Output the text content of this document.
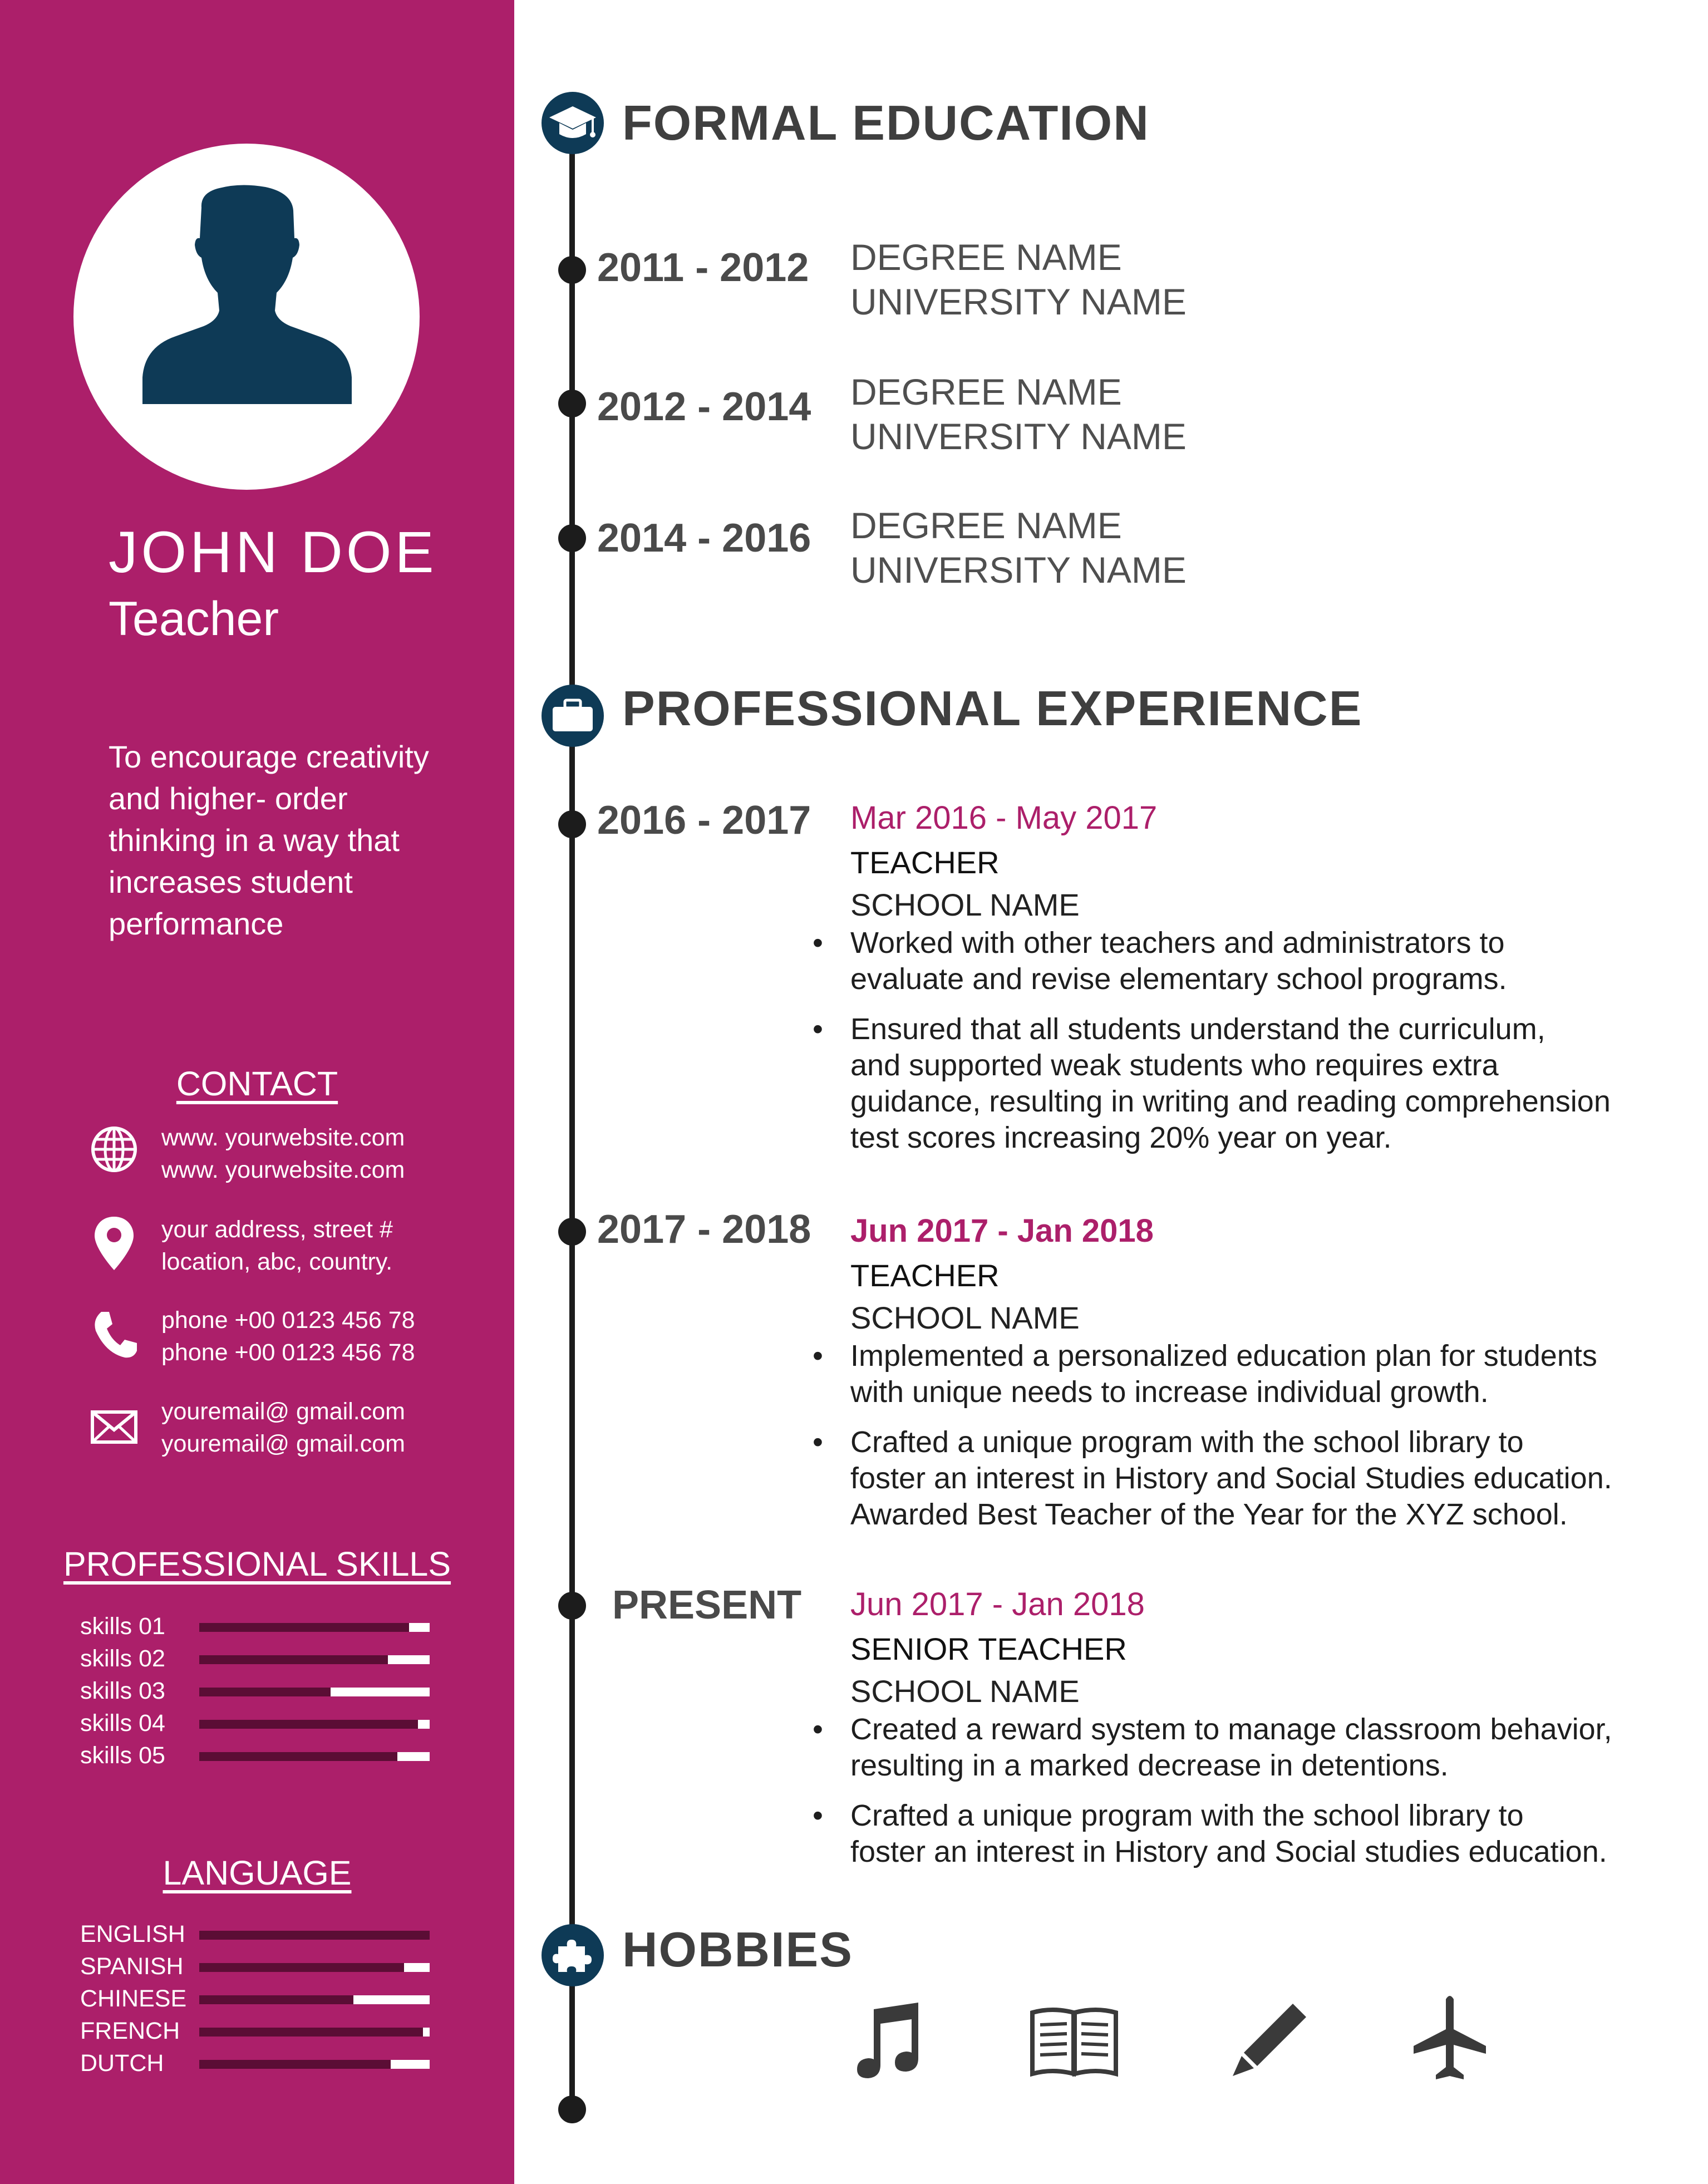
JOHN DOE
Teacher
To encourage creativity
and higher- order
thinking in a way that
increases student
performance
CONTACT
www. yourwebsite.com
www. yourwebsite.com
your address, street #
location, abc, country.
phone +00 0123 456 78
phone +00 0123 456 78
youremail@ gmail.com
youremail@ gmail.com
PROFESSIONAL SKILLS
skills 01
skills 02
skills 03
skills 04
skills 05
LANGUAGE
ENGLISH
SPANISH
CHINESE
FRENCH
DUTCH
FORMAL EDUCATION
2011 - 2012 DEGREE NAME
UNIVERSITY NAME
2012 - 2014 DEGREE NAME
UNIVERSITY NAME
2014 - 2016 DEGREE NAME
UNIVERSITY NAME
PROFESSIONAL EXPERIENCE
2016 - 2017 Mar 2016 - May 2017
TEACHER
SCHOOL NAME
• Worked with other teachers and administrators to
evaluate and revise elementary school programs.
• Ensured that all students understand the curriculum,
and supported weak students who requires extra
guidance, resulting in writing and reading comprehension
test scores increasing 20% year on year.
2017 - 2018 Jun 2017 - Jan 2018
TEACHER
SCHOOL NAME
• Implemented a personalized education plan for students
with unique needs to increase individual growth.
• Crafted a unique program with the school library to
foster an interest in History and Social Studies education.
Awarded Best Teacher of the Year for the XYZ school.
PRESENT	Jun 2017 - Jan 2018
SENIOR TEACHER
SCHOOL NAME
• Created a reward system to manage classroom behavior,
resulting in a marked decrease in detentions.
• Crafted a unique program with the school library to
foster an interest in History and Social studies education.
HOBBIES
